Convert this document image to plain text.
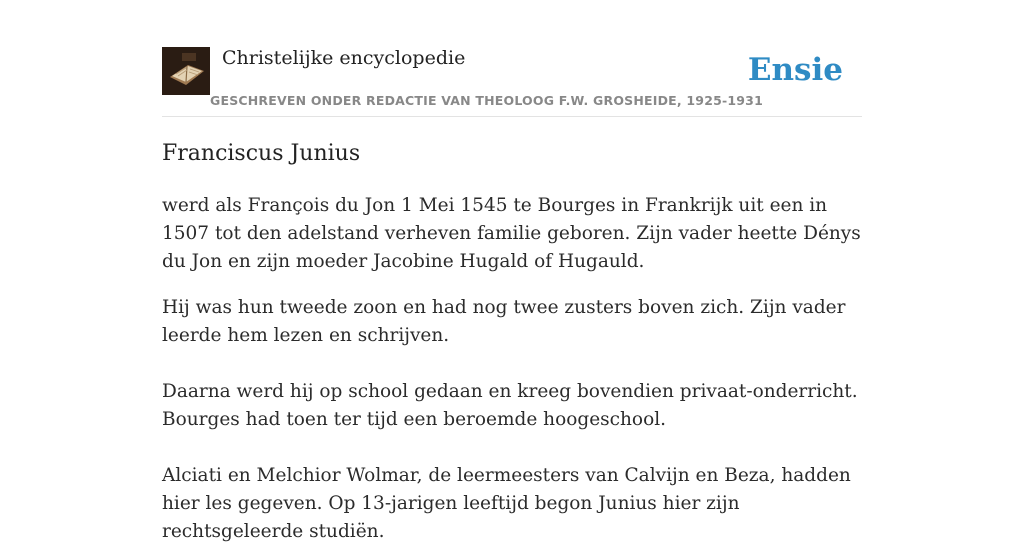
Christelijke encyclopedie
GESCHREVEN ONDER REDACTIE VAN THEOLOOG F.W. GROSHEIDE, 1925-1931
Ensie
Franciscus Junius

werd als François du Jon 1 Mei 1545 te Bourges in Frankrijk uit een in 1507 tot den adelstand verheven familie geboren. Zijn vader heette Dénys du Jon en zijn moeder Jacobine Hugald of Hugauld.

Hij was hun tweede zoon en had nog twee zusters boven zich. Zijn vader leerde hem lezen en schrijven.

Daarna werd hij op school gedaan en kreeg bovendien privaat-onderricht. Bourges had toen ter tijd een beroemde hoogeschool.

Alciati en Melchior Wolmar, de leermeesters van Calvijn en Beza, hadden hier les gegeven. Op 13-jarigen leeftijd begon Junius hier zijn rechtsgeleerde studiën.
